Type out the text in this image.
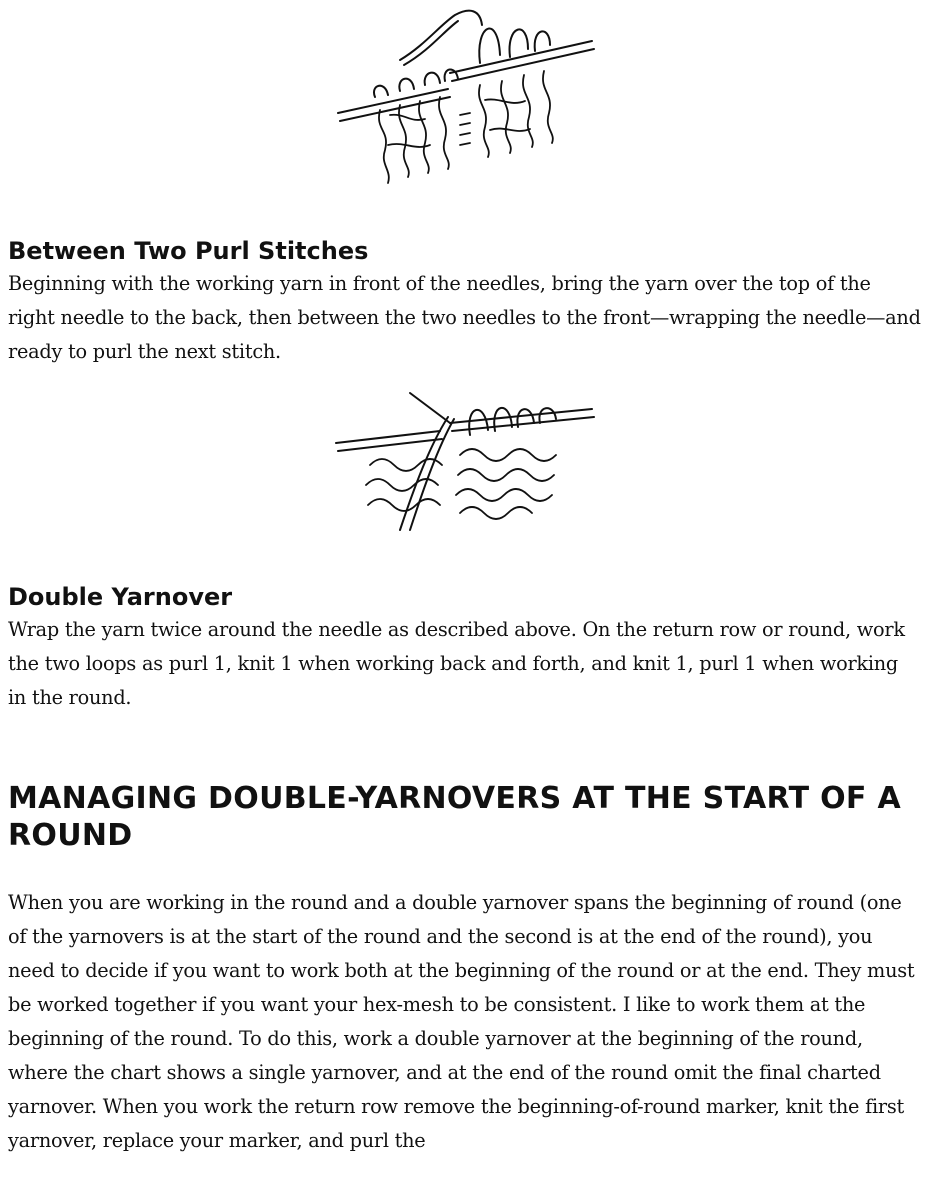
Between Two Purl Stitches

Beginning with the working yarn in front of the needles, bring the yarn over the top of the right needle to the back, then between the two needles to the front—wrapping the needle—and ready to purl the next stitch.

Double Yarnover

Wrap the yarn twice around the needle as described above. On the return row or round, work the two loops as purl 1, knit 1 when working back and forth, and knit 1, purl 1 when working in the round.

MANAGING DOUBLE-YARNOVERS AT THE START OF A ROUND

When you are working in the round and a double yarnover spans the beginning of round (one of the yarnovers is at the start of the round and the second is at the end of the round), you need to decide if you want to work both at the beginning of the round or at the end. They must be worked together if you want your hex-mesh to be consistent. I like to work them at the beginning of the round. To do this, work a double yarnover at the beginning of the round, where the chart shows a single yarnover, and at the end of the round omit the final charted yarnover. When you work the return row remove the beginning-of-round marker, knit the first yarnover, replace your marker, and purl the
